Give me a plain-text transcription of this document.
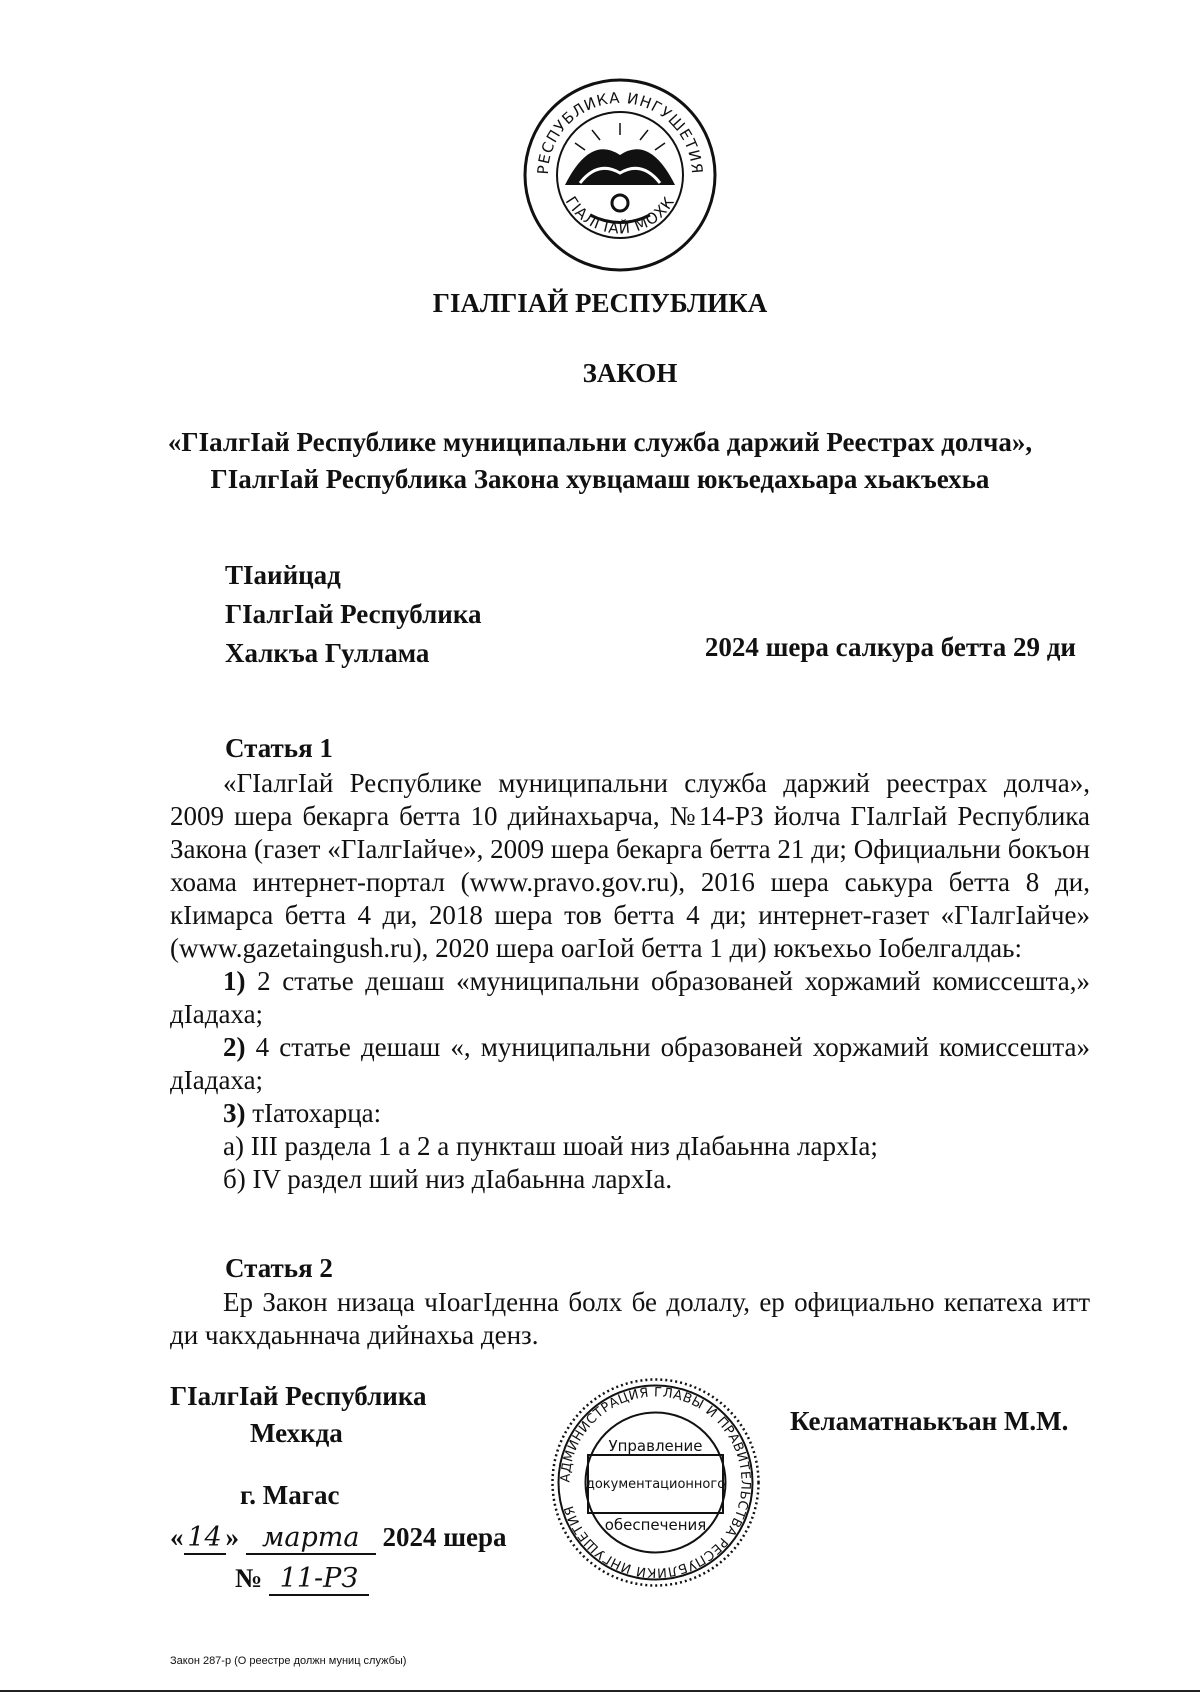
РЕСПУБЛИКА ИНГУШЕТИЯ
ГIАЛГIАЙ МОХК
ГIАЛГIАЙ РЕСПУБЛИКА
ЗАКОН
«ГIалгIай Республике муниципальни служба даржий Реестрах долча»,
ГIалгIай Республика Закона хувцамаш юкъедахьара хьакъехьа
ТIаийцад
ГIалгIай Республика
Халкъа Гуллама	2024 шера салкура бетта 29 ди
Статья 1
«ГIалгIай Республике муниципальни служба даржий реестрах долча», 2009 шера бекарга бетта 10 дийнахьарча, №14-РЗ йолча ГIалгIай Республика Закона (газет «ГIалгIайче», 2009 шера бекарга бетта 21 ди; Официальни бокъон хоама интернет-портал (www.pravo.gov.ru), 2016 шера саькура бетта 8 ди, кIимарса бетта 4 ди, 2018 шера тов бетта 4 ди; интернет-газет «ГIалгIайче» (www.gazetaingush.ru), 2020 шера оагIой бетта 1 ди) юкъехьо Iобелгалдаь:
1) 2 статье дешаш «муниципальни образованей хоржамий комиссешта,» дIадаха;
2) 4 статье дешаш «, муниципальни образованей хоржамий комиссешта» дIадаха;
3) тIатохарца:
а) III раздела 1 а 2 а пункташ шоай низ дIабаьнна лархIа;
б) IV раздел ший низ дIабаьнна лархIа.
Статья 2
Ер Закон низаца чIоагIденна болх бе долалу, ер официально кепатеха итт ди чакхдаьннача дийнахьа денз.
ГIалгIай Республика
Мехкда	Келаматнаькъан М.М.
г. Магас
« 14 » марта 2024 шера
№ 11-РЗ
АДМИНИСТРАЦИЯ ГЛАВЫ И ПРАВИТЕЛЬСТВА РЕСПУБЛИКИ ИНГУШЕТИЯ
Управление
документационного
обеспечения
Закон 287-р (О реестре должн муниц службы)
